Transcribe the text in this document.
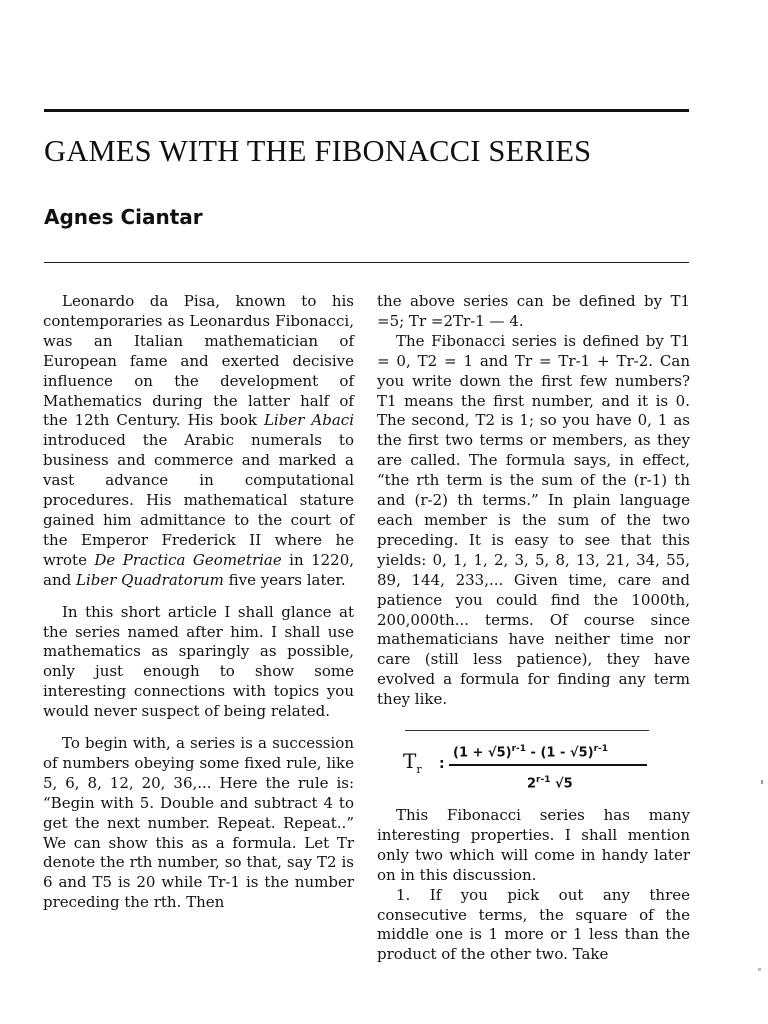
GAMES WITH THE FIBONACCI SERIES
Agnes Ciantar

Leonardo da Pisa, known to his contemporaries as Leonardus Fibonacci, was an Italian mathematician of European fame and exerted decisive influence on the development of Mathematics during the latter half of the 12th Century. His book Liber Abaci introduced the Arabic numerals to business and commerce and marked a vast advance in computational procedures. His mathematical stature gained him admittance to the court of the Emperor Frederick II where he wrote De Practica Geometriae in 1220, and Liber Quadratorum five years later.

In this short article I shall glance at the series named after him. I shall use mathematics as sparingly as possible, only just enough to show some interesting connections with topics you would never suspect of being related.

To begin with, a series is a succession of numbers obeying some fixed rule, like 5, 6, 8, 12, 20, 36,... Here the rule is: “Begin with 5. Double and subtract 4 to get the next number. Repeat. Repeat..” We can show this as a formula. Let Tr denote the rth number, so that, say T2 is 6 and T5 is 20 while Tr-1 is the number preceding the rth. Then

the above series can be defined by T1 =5; Tr =2Tr-1 — 4.

The Fibonacci series is defined by T1 = 0, T2 = 1 and Tr = Tr-1 + Tr-2. Can you write down the first few numbers? T1 means the first number, and it is 0. The second, T2 is 1; so you have 0, 1 as the first two terms or members, as they are called. The formula says, in effect, “the rth term is the sum of the (r-1) th and (r-2) th terms.” In plain language each member is the sum of the two preceding. It is easy to see that this yields: 0, 1, 1, 2, 3, 5, 8, 13, 21, 34, 55, 89, 144, 233,... Given time, care and patience you could find the 1000th, 200,000th... terms. Of course since mathematicians have neither time nor care (still less patience), they have evolved a formula for finding any term they like.

$T_r$ :
$(1 + √5)^{r-1} - (1 - √5)^{r-1}$
2$^{r-1}$ √5

This Fibonacci series has many interesting properties. I shall mention only two which will come in handy later on in this discussion.

1. If you pick out any three consecutive terms, the square of the middle one is 1 more or 1 less than the product of the other two. Take
